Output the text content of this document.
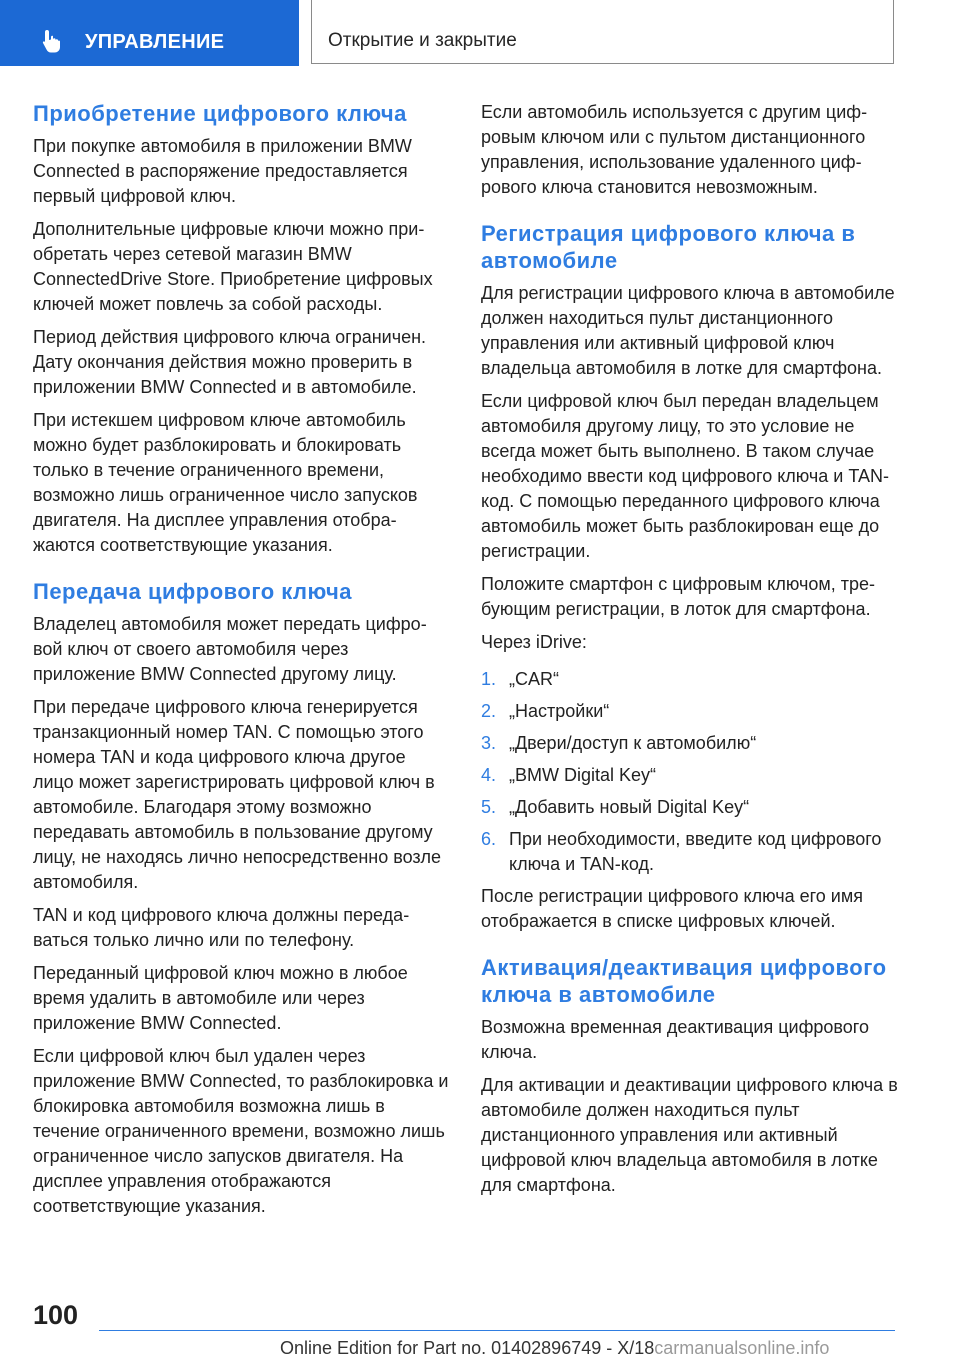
УПРАВЛЕНИЕ	Открытие и закрытие
Приобретение цифрового ключа

При покупке автомобиля в приложении BMW Connected в распоряжение предоставляется первый цифровой ключ.

Дополнительные цифровые ключи можно приобретать через сетевой магазин BMW ConnectedDrive Store. Приобретение цифровых ключей может повлечь за собой расходы.

Период действия цифрового ключа ограничен. Дату окончания действия можно проверить в приложении BMW Connected и в автомобиле.

При истекшем цифровом ключе автомобиль можно будет разблокировать и блокировать только в течение ограниченного времени, возможно лишь ограниченное число запусков двигателя. На дисплее управления отображаются соответствующие указания.

Передача цифрового ключа

Владелец автомобиля может передать цифровой ключ от своего автомобиля через приложение BMW Connected другому лицу.

При передаче цифрового ключа генерируется транзакционный номер TAN. С помощью этого номера TAN и кода цифрового ключа другое лицо может зарегистрировать цифровой ключ в автомобиле. Благодаря этому возможно передавать автомобиль в пользование другому лицу, не находясь лично непосредственно возле автомобиля.

TAN и код цифрового ключа должны передаваться только лично или по телефону.

Переданный цифровой ключ можно в любое время удалить в автомобиле или через приложение BMW Connected.

Если цифровой ключ был удален через приложение BMW Connected, то разблокировка и блокировка автомобиля возможна лишь в течение ограниченного времени, возможно лишь ограниченное число запусков двигателя. На дисплее управления отображаются соответствующие указания.

Если автомобиль используется с другим цифровым ключом или с пультом дистанционного управления, использование удаленного цифрового ключа становится невозможным.

Регистрация цифрового ключа в автомобиле

Для регистрации цифрового ключа в автомобиле должен находиться пульт дистанционного управления или активный цифровой ключ владельца автомобиля в лотке для смартфона.

Если цифровой ключ был передан владельцем автомобиля другому лицу, то это условие не всегда может быть выполнено. В таком случае необходимо ввести код цифрового ключа и TAN-код. С помощью переданного цифрового ключа автомобиль может быть разблокирован еще до регистрации.

Положите смартфон с цифровым ключом, требующим регистрации, в лоток для смартфона.

Через iDrive:

1. „CAR“
2. „Настройки“
3. „Двери/доступ к автомобилю“
4. „BMW Digital Key“
5. „Добавить новый Digital Key“
6. При необходимости, введите код цифрового ключа и TAN-код.

После регистрации цифрового ключа его имя отображается в списке цифровых ключей.

Активация/деактивация цифрового ключа в автомобиле

Возможна временная деактивация цифрового ключа.

Для активации и деактивации цифрового ключа в автомобиле должен находиться пульт дистанционного управления или активный цифровой ключ владельца автомобиля в лотке для смартфона.

100
Online Edition for Part no. 01402896749 - X/18carmanualsonline.info
